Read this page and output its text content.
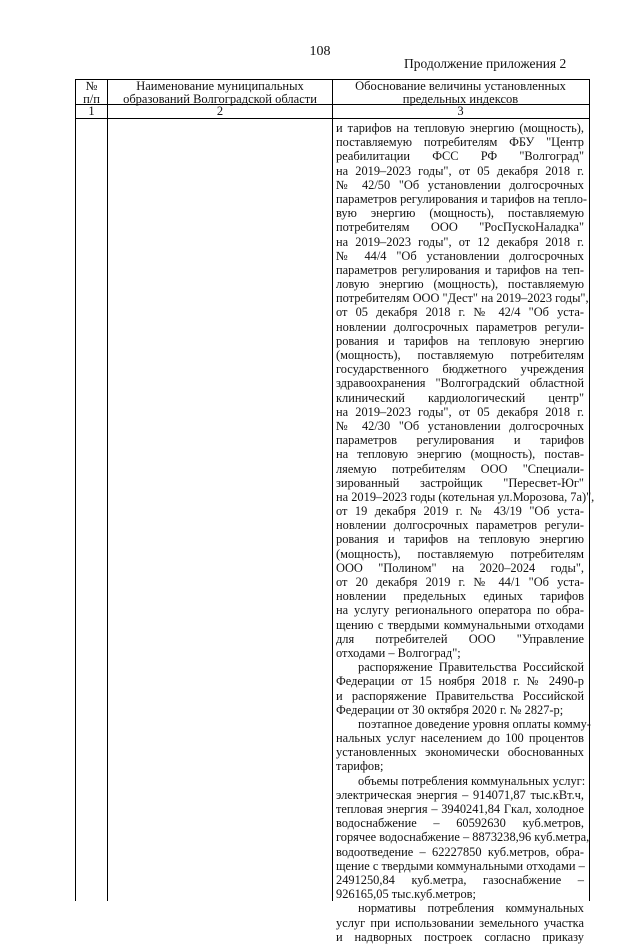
108
Продолжение приложения 2
№
п/п
Наименование муниципальных
образований Волгоградской области
Обоснование величины установленных
предельных индексов
1	2	3
и тарифов на тепловую энергию (мощность),
поставляемую потребителям ФБУ "Центр
реабилитации ФСС РФ "Волгоград"
на 2019–2023 годы", от 05 декабря 2018 г.
№ 42/50 "Об установлении долгосрочных
параметров регулирования и тарифов на тепло-
вую энергию (мощность), поставляемую
потребителям ООО "РосПускоНаладка"
на 2019–2023 годы", от 12 декабря 2018 г.
№ 44/4 "Об установлении долгосрочных
параметров регулирования и тарифов на теп-
ловую энергию (мощность), поставляемую
потребителям ООО "Дест" на 2019–2023 годы",
от 05 декабря 2018 г. № 42/4 "Об уста-
новлении долгосрочных параметров регули-
рования и тарифов на тепловую энергию
(мощность), поставляемую потребителям
государственного бюджетного учреждения
здравоохранения "Волгоградский областной
клинический кардиологический центр"
на 2019–2023 годы", от 05 декабря 2018 г.
№ 42/30 "Об установлении долгосрочных
параметров регулирования и тарифов
на тепловую энергию (мощность), постав-
ляемую потребителям ООО "Специали-
зированный застройщик "Пересвет-Юг"
на 2019–2023 годы (котельная ул.Морозова, 7а)",
от 19 декабря 2019 г. № 43/19 "Об уста-
новлении долгосрочных параметров регули-
рования и тарифов на тепловую энергию
(мощность), поставляемую потребителям
ООО "Полином" на 2020–2024 годы",
от 20 декабря 2019 г. № 44/1 "Об уста-
новлении предельных единых тарифов
на услугу регионального оператора по обра-
щению с твердыми коммунальными отходами
для потребителей ООО "Управление
отходами – Волгоград";
распоряжение Правительства Российской
Федерации от 15 ноября 2018 г. № 2490-р
и распоряжение Правительства Российской
Федерации от 30 октября 2020 г. № 2827-р;
поэтапное доведение уровня оплаты комму-
нальных услуг населением до 100 процентов
установленных экономически обоснованных
тарифов;
объемы потребления коммунальных услуг:
электрическая энергия – 914071,87 тыс.кВт.ч,
тепловая энергия – 3940241,84 Гкал, холодное
водоснабжение – 60592630 куб.метров,
горячее водоснабжение – 8873238,96 куб.метра,
водоотведение – 62227850 куб.метров, обра-
щение с твердыми коммунальными отходами –
2491250,84 куб.метра, газоснабжение –
926165,05 тыс.куб.метров;
нормативы потребления коммунальных
услуг при использовании земельного участка
и надворных построек согласно приказу
